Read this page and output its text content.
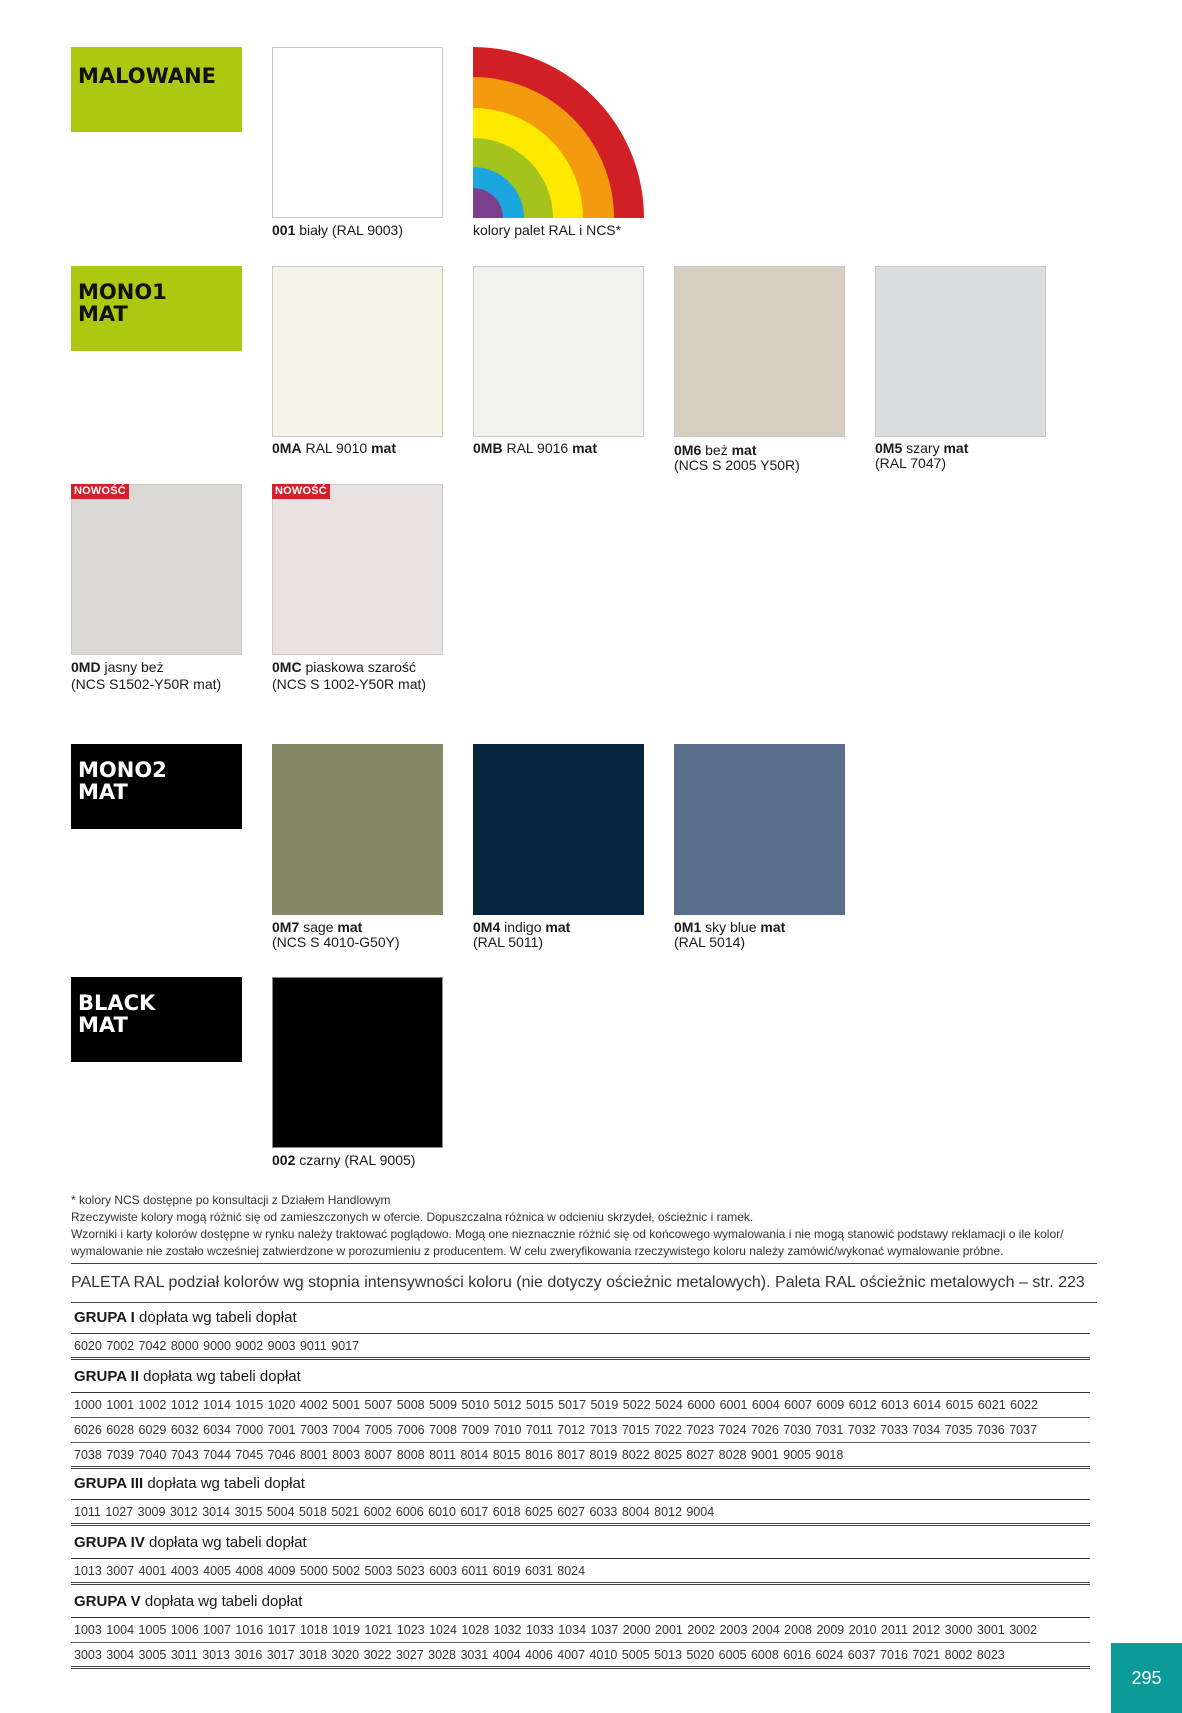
MALOWANE
MONO1
MAT
MONO2
MAT
BLACK
MAT
001 biały (RAL 9003)	kolory palet RAL i NCS*
0MA RAL 9010 mat	0MB RAL 9016 mat	0M6 beż mat
(NCS S 2005 Y50R)
0M5 szary mat
(RAL 7047)
NOWOŚĆ
0MD jasny beż
(NCS S1502-Y50R mat)
NOWOŚĆ
0MC piaskowa szarość
(NCS S 1002-Y50R mat)
0M7 sage mat
(NCS S 4010-G50Y)
0M4 indigo mat
(RAL 5011)
0M1 sky blue mat
(RAL 5014)
002 czarny (RAL 9005)
* kolory NCS dostępne po konsultacji z Działem Handlowym
Rzeczywiste kolory mogą różnić się od zamieszczonych w ofercie. Dopuszczalna różnica w odcieniu skrzydeł, ościeżnic i ramek.
Wzorniki i karty kolorów dostępne w rynku należy traktować poglądowo. Mogą one nieznacznie różnić się od końcowego wymalowania i nie mogą stanowić podstawy reklamacji o ile kolor/
wymalowanie nie zostało wcześniej zatwierdzone w porozumieniu z producentem. W celu zweryfikowania rzeczywistego koloru należy zamówić/wykonać wymalowanie próbne.
PALETA RAL podział kolorów wg stopnia intensywności koloru (nie dotyczy ościeżnic metalowych). Paleta RAL ościeżnic metalowych – str. 223
GRUPA I dopłata wg tabeli dopłat
6020 7002 7042 8000 9000 9002 9003 9011 9017
GRUPA II dopłata wg tabeli dopłat
1000 1001 1002 1012 1014 1015 1020 4002 5001 5007 5008 5009 5010 5012 5015 5017 5019 5022 5024 6000 6001 6004 6007 6009 6012 6013 6014 6015 6021 6022
6026 6028 6029 6032 6034 7000 7001 7003 7004 7005 7006 7008 7009 7010 7011 7012 7013 7015 7022 7023 7024 7026 7030 7031 7032 7033 7034 7035 7036 7037
7038 7039 7040 7043 7044 7045 7046 8001 8003 8007 8008 8011 8014 8015 8016 8017 8019 8022 8025 8027 8028 9001 9005 9018
GRUPA III dopłata wg tabeli dopłat
1011 1027 3009 3012 3014 3015 5004 5018 5021 6002 6006 6010 6017 6018 6025 6027 6033 8004 8012 9004
GRUPA IV dopłata wg tabeli dopłat
1013 3007 4001 4003 4005 4008 4009 5000 5002 5003 5023 6003 6011 6019 6031 8024
GRUPA V dopłata wg tabeli dopłat
1003 1004 1005 1006 1007 1016 1017 1018 1019 1021 1023 1024 1028 1032 1033 1034 1037 2000 2001 2002 2003 2004 2008 2009 2010 2011 2012 3000 3001 3002
3003 3004 3005 3011 3013 3016 3017 3018 3020 3022 3027 3028 3031 4004 4006 4007 4010 5005 5013 5020 6005 6008 6016 6024 6037 7016 7021 8002 8023
295
